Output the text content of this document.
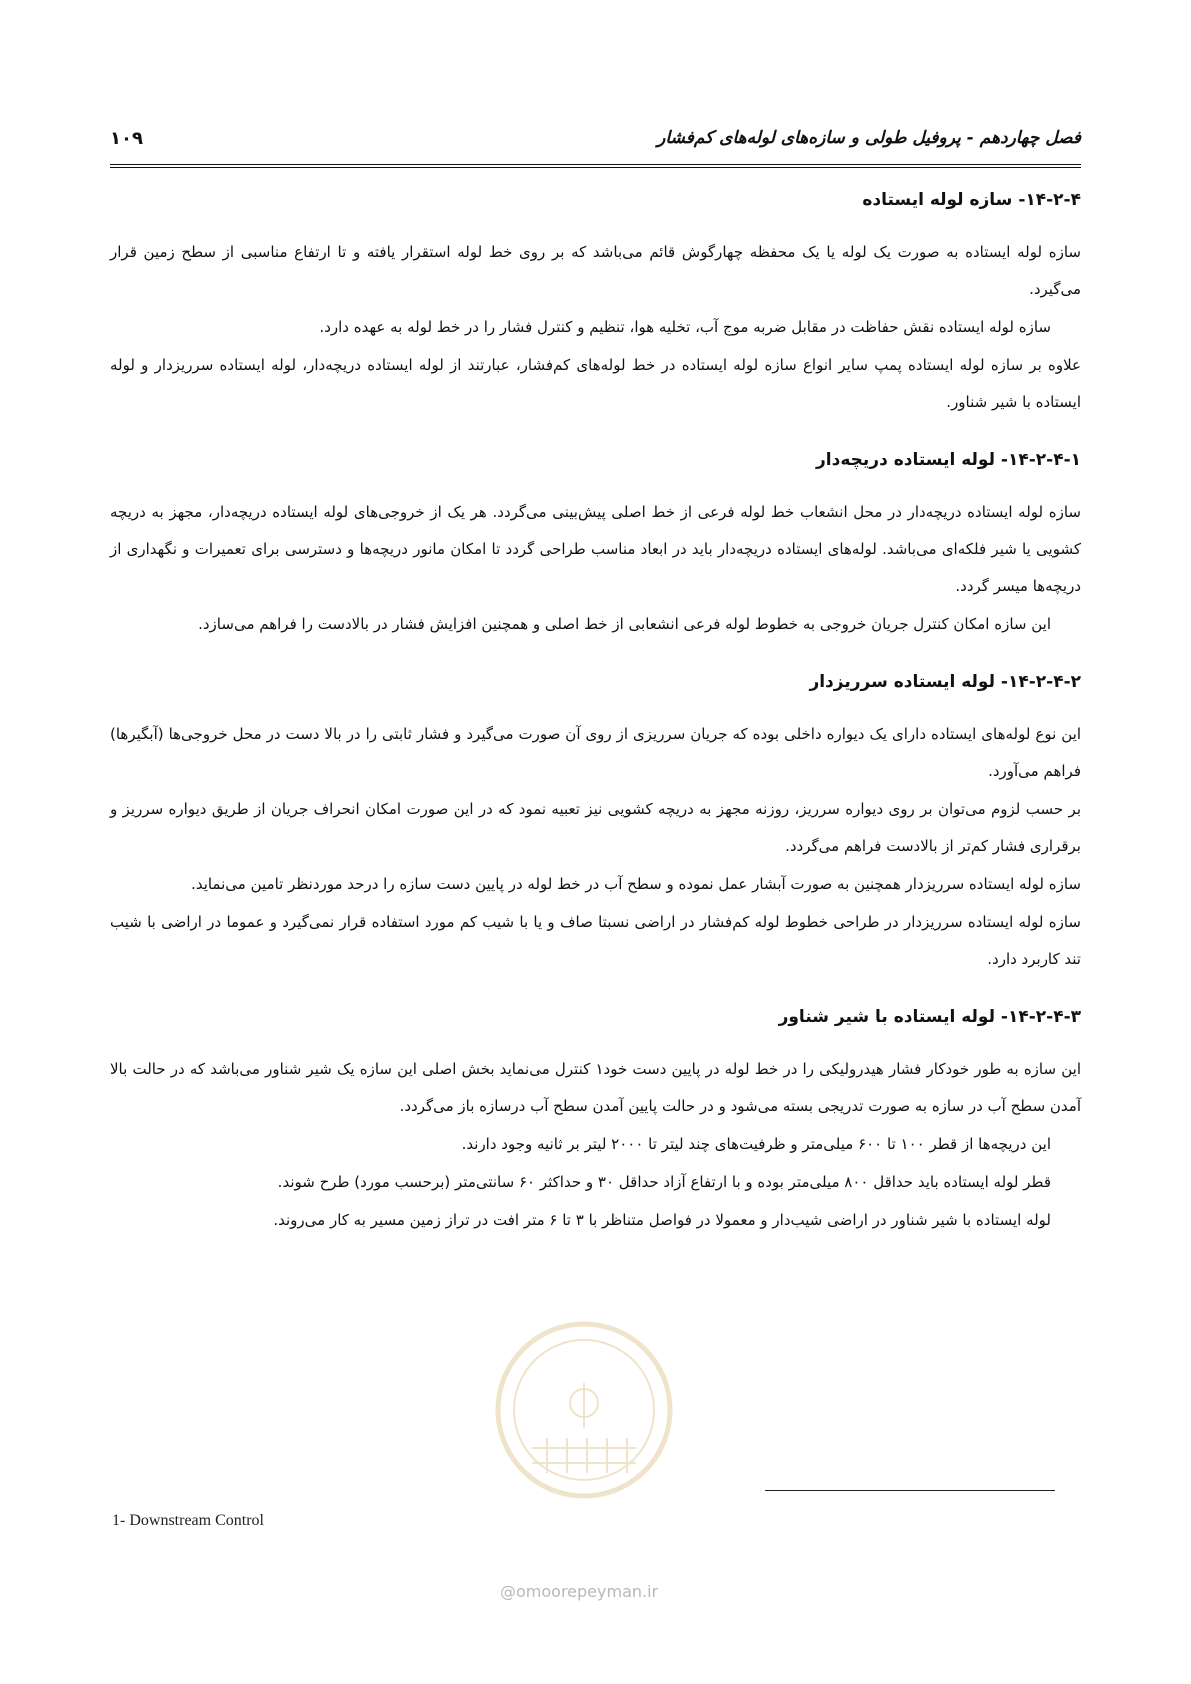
۱۰۹	فصل چهاردهم - پروفیل طولی و سازه‌های لوله‌های کم‌فشار
۱۴-۲-۴- سازه لوله ایستاده

سازه لوله ایستاده به صورت یک لوله یا یک محفظه چهارگوش قائم می‌باشد که بر روی خط لوله استقرار یافته و تا ارتفاع مناسبی از سطح زمین قرار می‌گیرد.

سازه لوله ایستاده نقش حفاظت در مقابل ضربه موج آب، تخلیه هوا، تنظیم و کنترل فشار را در خط لوله به عهده دارد.

علاوه بر سازه لوله ایستاده پمپ سایر انواع سازه لوله ایستاده در خط لوله‌های کم‌فشار، عبارتند از لوله ایستاده دریچه‌دار، لوله ایستاده سرریزدار و لوله ایستاده با شیر شناور.

۱۴-۲-۴-۱- لوله ایستاده دریچه‌دار

سازه لوله ایستاده دریچه‌دار در محل انشعاب خط لوله فرعی از خط اصلی پیش‌بینی می‌گردد. هر یک از خروجی‌های لوله ایستاده دریچه‌دار، مجهز به دریچه کشویی یا شیر فلکه‌ای می‌باشد. لوله‌های ایستاده دریچه‌دار باید در ابعاد مناسب طراحی گردد تا امکان مانور دریچه‌ها و دسترسی برای تعمیرات و نگهداری از دریچه‌ها میسر گردد.

این سازه امکان کنترل جریان خروجی به خطوط لوله فرعی انشعابی از خط اصلی و همچنین افزایش فشار در بالادست را فراهم می‌سازد.

۱۴-۲-۴-۲- لوله ایستاده سرریزدار

این نوع لوله‌های ایستاده دارای یک دیواره داخلی بوده که جریان سرریزی از روی آن صورت می‌گیرد و فشار ثابتی را در بالا دست در محل خروجی‌ها (آبگیرها) فراهم می‌آورد.

بر حسب لزوم می‌توان بر روی دیواره سرریز، روزنه مجهز به دریچه کشویی نیز تعبیه نمود که در این صورت امکان انحراف جریان از طریق دیواره سرریز و برقراری فشار کم‌تر از بالادست فراهم می‌گردد.

سازه لوله ایستاده سرریزدار همچنین به صورت آبشار عمل نموده و سطح آب در خط لوله در پایین دست سازه را درحد موردنظر تامین می‌نماید.

سازه لوله ایستاده سرریزدار در طراحی خطوط لوله کم‌فشار در اراضی نسبتا صاف و یا با شیب کم مورد استفاده قرار نمی‌گیرد و عموما در اراضی با شیب تند کاربرد دارد.

۱۴-۲-۴-۳- لوله ایستاده با شیر شناور

این سازه به طور خودکار فشار هیدرولیکی را در خط لوله در پایین دست خود۱ کنترل می‌نماید بخش اصلی این سازه یک شیر شناور می‌باشد که در حالت بالا آمدن سطح آب در سازه به صورت تدریجی بسته می‌شود و در حالت پایین آمدن سطح آب درسازه باز می‌گردد.

این دریچه‌ها از قطر ۱۰۰ تا ۶۰۰ میلی‌متر و ظرفیت‌های چند لیتر تا ۲۰۰۰ لیتر بر ثانیه وجود دارند.

قطر لوله ایستاده باید حداقل ۸۰۰ میلی‌متر بوده و با ارتفاع آزاد حداقل ۳۰ و حداکثر ۶۰ سانتی‌متر (برحسب مورد) طرح شوند.

لوله ایستاده با شیر شناور در اراضی شیب‌دار و معمولا در فواصل متناظر با ۳ تا ۶ متر افت در تراز زمین مسیر به کار می‌روند.

1- Downstream Control
@omoorepeyman.ir
